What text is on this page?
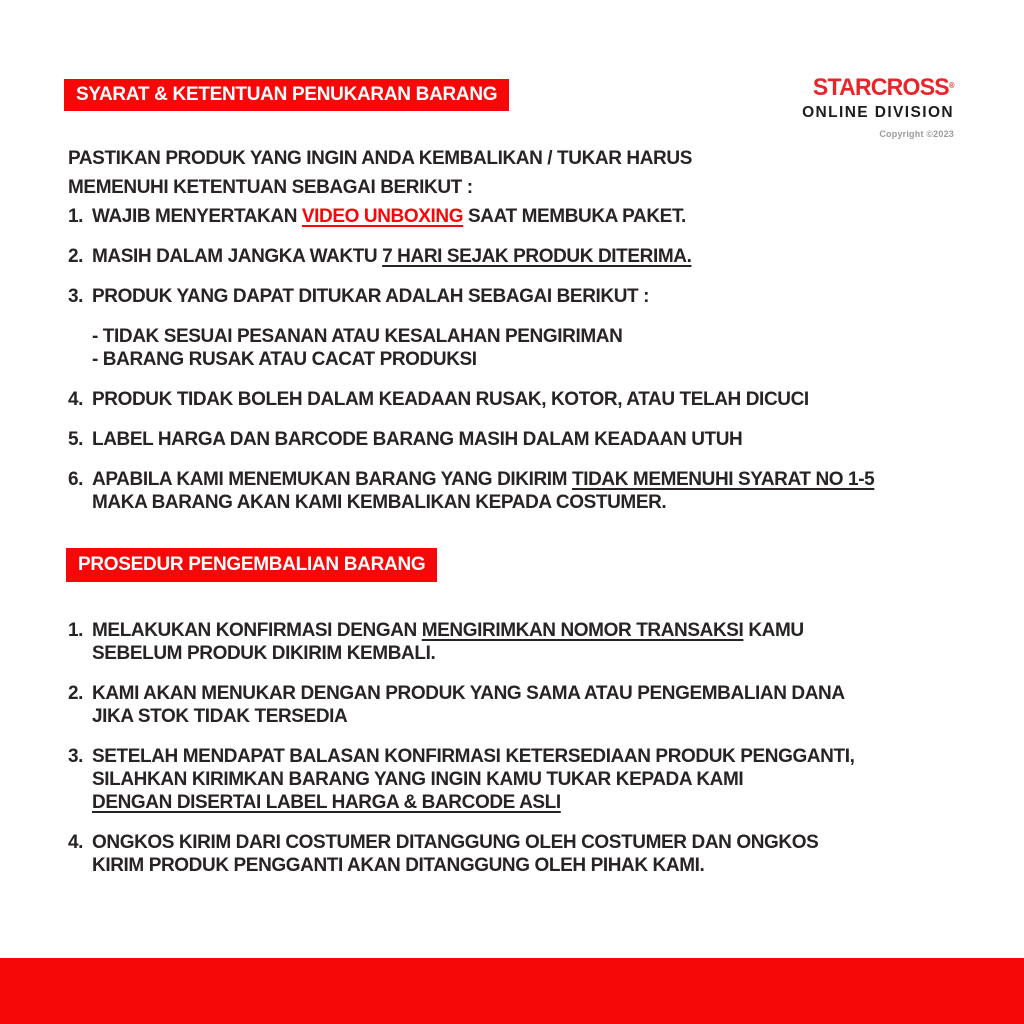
SYARAT & KETENTUAN PENUKARAN BARANG	STARCROSS®
ONLINE DIVISION
Copyright ©2023
PASTIKAN PRODUK YANG INGIN ANDA KEMBALIKAN / TUKAR HARUS
MEMENUHI KETENTUAN SEBAGAI BERIKUT :
1. WAJIB MENYERTAKAN VIDEO UNBOXING SAAT MEMBUKA PAKET.
2. MASIH DALAM JANGKA WAKTU 7 HARI SEJAK PRODUK DITERIMA.
3. PRODUK YANG DAPAT DITUKAR ADALAH SEBAGAI BERIKUT :
- TIDAK SESUAI PESANAN ATAU KESALAHAN PENGIRIMAN
- BARANG RUSAK ATAU CACAT PRODUKSI
4. PRODUK TIDAK BOLEH DALAM KEADAAN RUSAK, KOTOR, ATAU TELAH DICUCI
5. LABEL HARGA DAN BARCODE BARANG MASIH DALAM KEADAAN UTUH
6. APABILA KAMI MENEMUKAN BARANG YANG DIKIRIM TIDAK MEMENUHI SYARAT NO 1-5
MAKA BARANG AKAN KAMI KEMBALIKAN KEPADA COSTUMER.
PROSEDUR PENGEMBALIAN BARANG
1. MELAKUKAN KONFIRMASI DENGAN MENGIRIMKAN NOMOR TRANSAKSI KAMU
SEBELUM PRODUK DIKIRIM KEMBALI.
2. KAMI AKAN MENUKAR DENGAN PRODUK YANG SAMA ATAU PENGEMBALIAN DANA
JIKA STOK TIDAK TERSEDIA
3. SETELAH MENDAPAT BALASAN KONFIRMASI KETERSEDIAAN PRODUK PENGGANTI,
SILAHKAN KIRIMKAN BARANG YANG INGIN KAMU TUKAR KEPADA KAMI
DENGAN DISERTAI LABEL HARGA & BARCODE ASLI
4. ONGKOS KIRIM DARI COSTUMER DITANGGUNG OLEH COSTUMER DAN ONGKOS
KIRIM PRODUK PENGGANTI AKAN DITANGGUNG OLEH PIHAK KAMI.
